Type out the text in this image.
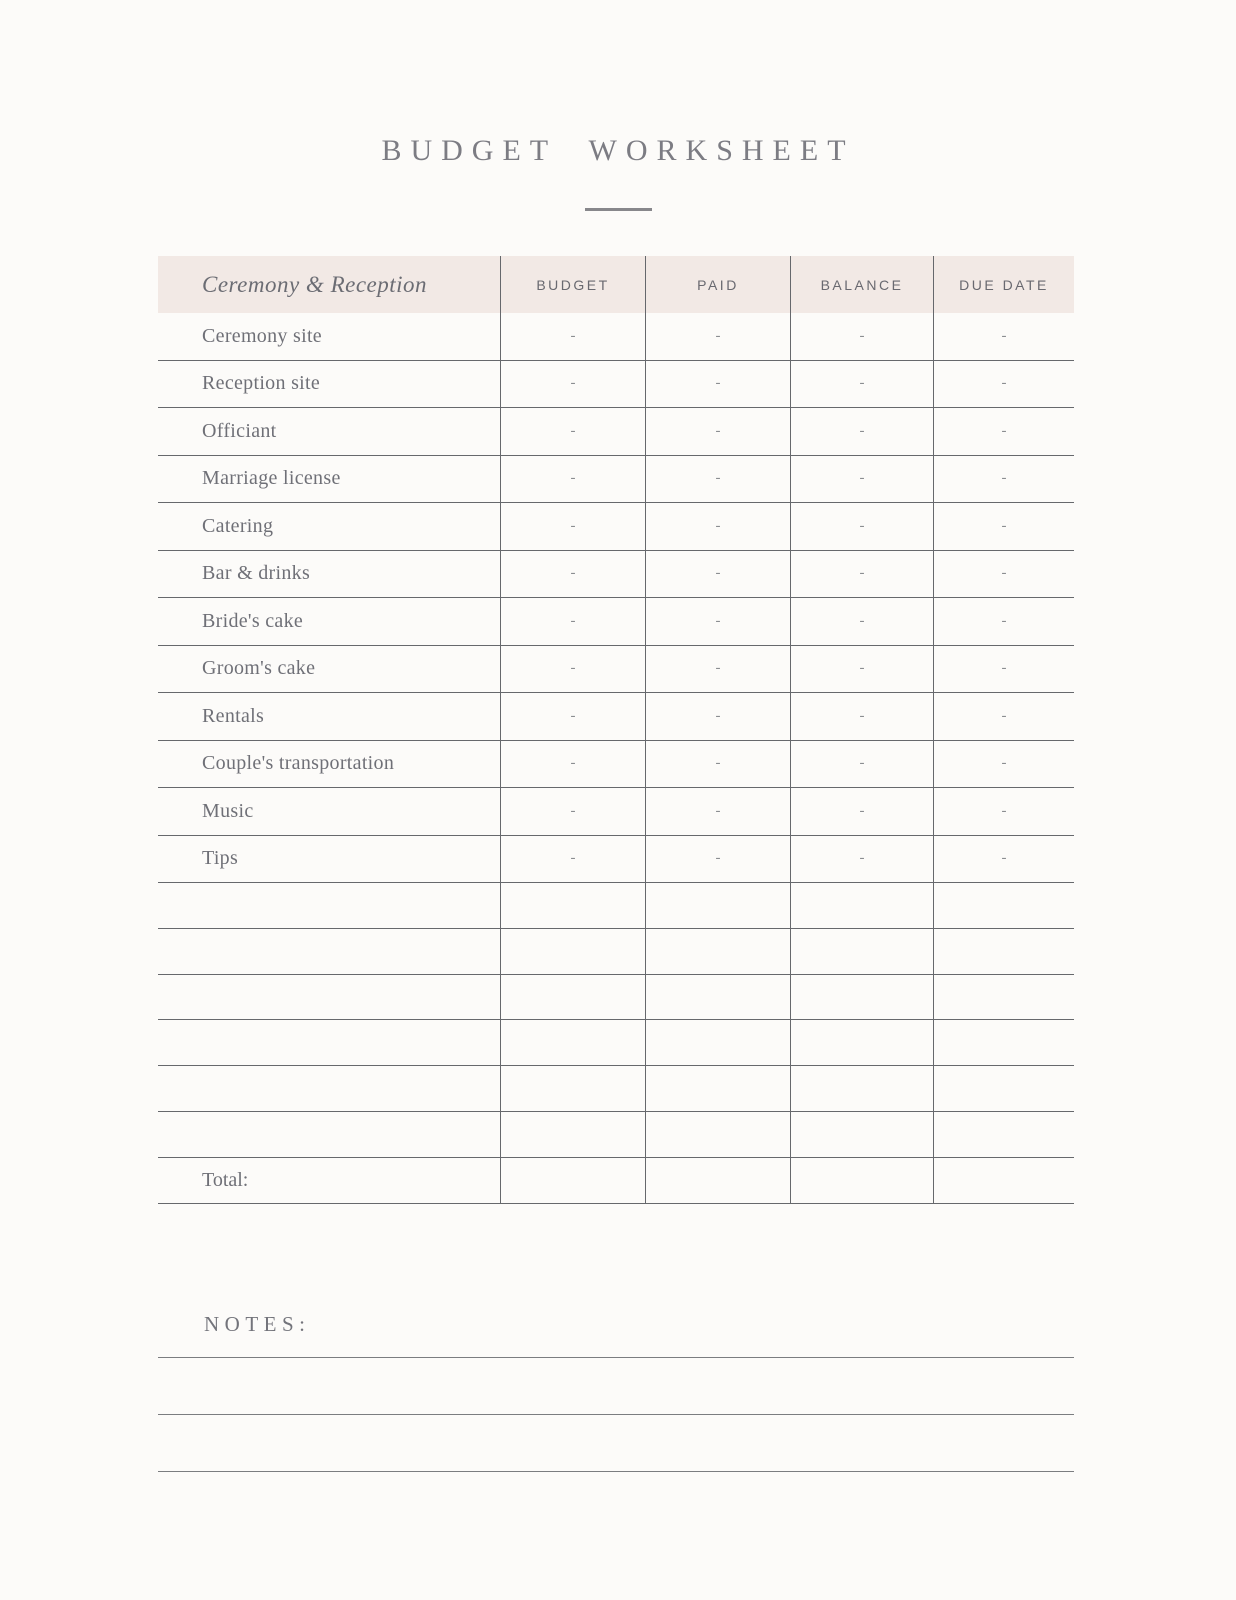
BUDGET WORKSHEET
Ceremony & Reception	BUDGET	PAID	BALANCE	DUE DATE
Ceremony site	-	-	-	-
Reception site	-	-	-	-
Officiant	-	-	-	-
Marriage license	-	-	-	-
Catering	-	-	-	-
Bar & drinks	-	-	-	-
Bride's cake	-	-	-	-
Groom's cake	-	-	-	-
Rentals	-	-	-	-
Couple's transportation	-	-	-	-
Music	-	-	-	-
Tips	-	-	-	-
Total:
NOTES:
